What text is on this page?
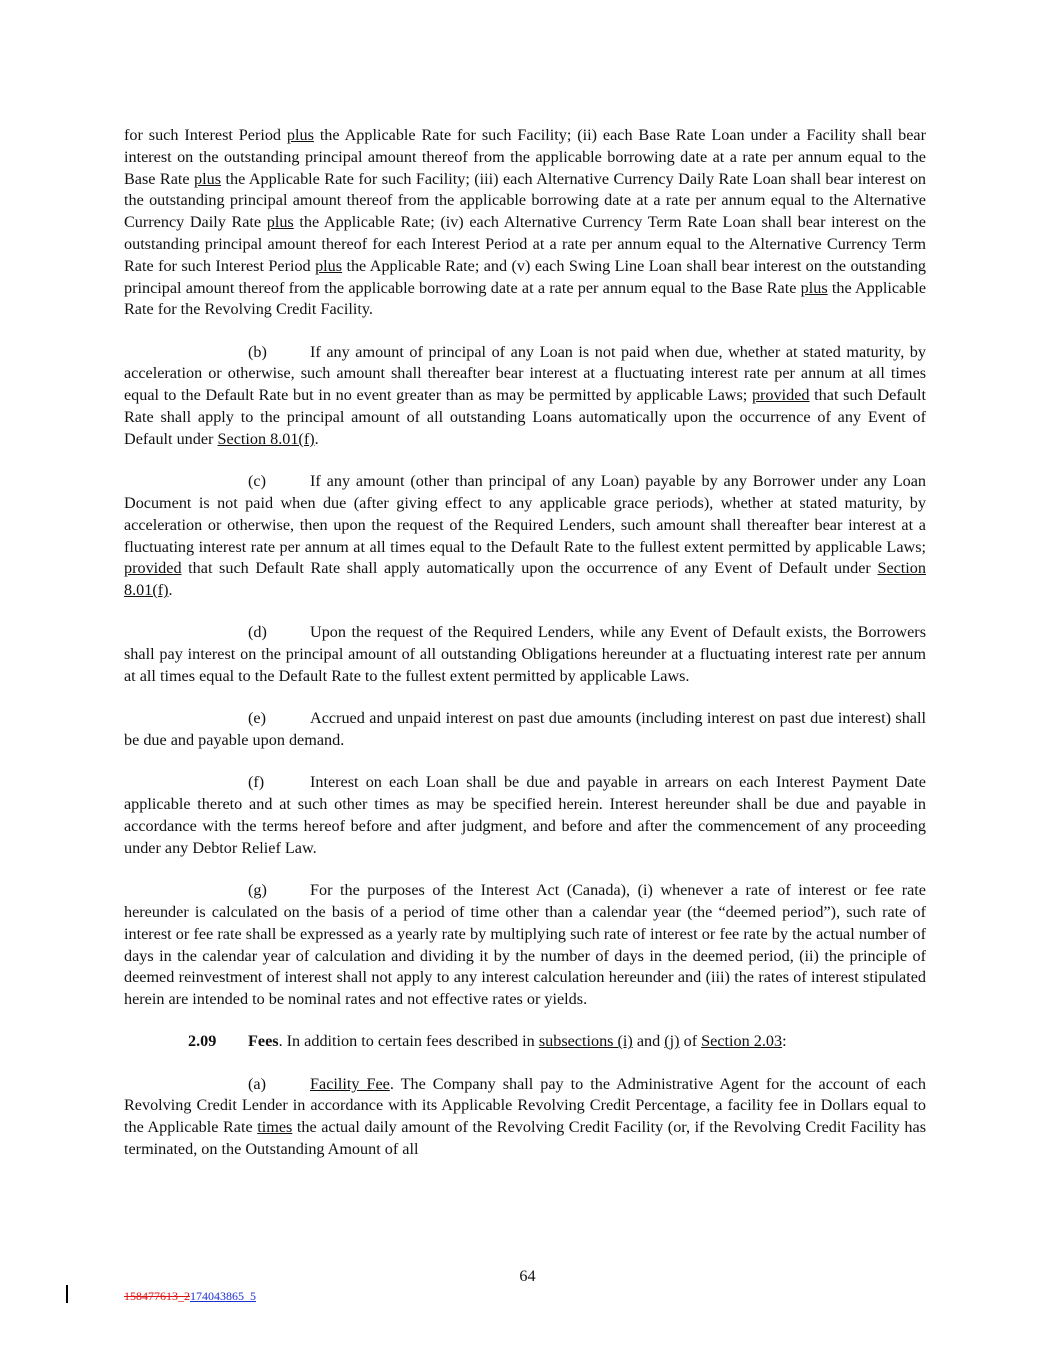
for such Interest Period plus the Applicable Rate for such Facility; (ii) each Base Rate Loan under a Facility shall bear interest on the outstanding principal amount thereof from the applicable borrowing date at a rate per annum equal to the Base Rate plus the Applicable Rate for such Facility; (iii) each Alternative Currency Daily Rate Loan shall bear interest on the outstanding principal amount thereof from the applicable borrowing date at a rate per annum equal to the Alternative Currency Daily Rate plus the Applicable Rate; (iv) each Alternative Currency Term Rate Loan shall bear interest on the outstanding principal amount thereof for each Interest Period at a rate per annum equal to the Alternative Currency Term Rate for such Interest Period plus the Applicable Rate; and (v) each Swing Line Loan shall bear interest on the outstanding principal amount thereof from the applicable borrowing date at a rate per annum equal to the Base Rate plus the Applicable Rate for the Revolving Credit Facility.

(b)	If any amount of principal of any Loan is not paid when due, whether at stated maturity, by acceleration or otherwise, such amount shall thereafter bear interest at a fluctuating interest rate per annum at all times equal to the Default Rate but in no event greater than as may be permitted by applicable Laws; provided that such Default Rate shall apply to the principal amount of all outstanding Loans automatically upon the occurrence of any Event of Default under Section 8.01(f).

(c)	If any amount (other than principal of any Loan) payable by any Borrower under any Loan Document is not paid when due (after giving effect to any applicable grace periods), whether at stated maturity, by acceleration or otherwise, then upon the request of the Required Lenders, such amount shall thereafter bear interest at a fluctuating interest rate per annum at all times equal to the Default Rate to the fullest extent permitted by applicable Laws; provided that such Default Rate shall apply automatically upon the occurrence of any Event of Default under Section 8.01(f).

(d)	Upon the request of the Required Lenders, while any Event of Default exists, the Borrowers shall pay interest on the principal amount of all outstanding Obligations hereunder at a fluctuating interest rate per annum at all times equal to the Default Rate to the fullest extent permitted by applicable Laws.

(e)	Accrued and unpaid interest on past due amounts (including interest on past due interest) shall be due and payable upon demand.

(f)	Interest on each Loan shall be due and payable in arrears on each Interest Payment Date applicable thereto and at such other times as may be specified herein. Interest hereunder shall be due and payable in accordance with the terms hereof before and after judgment, and before and after the commencement of any proceeding under any Debtor Relief Law.

(g)	For the purposes of the Interest Act (Canada), (i) whenever a rate of interest or fee rate hereunder is calculated on the basis of a period of time other than a calendar year (the “deemed period”), such rate of interest or fee rate shall be expressed as a yearly rate by multiplying such rate of interest or fee rate by the actual number of days in the calendar year of calculation and dividing it by the number of days in the deemed period, (ii) the principle of deemed reinvestment of interest shall not apply to any interest calculation hereunder and (iii) the rates of interest stipulated herein are intended to be nominal rates and not effective rates or yields.

2.09 Fees. In addition to certain fees described in subsections (i) and (j) of Section 2.03:

(a)	Facility Fee. The Company shall pay to the Administrative Agent for the account of each Revolving Credit Lender in accordance with its Applicable Revolving Credit Percentage, a facility fee in Dollars equal to the Applicable Rate times the actual daily amount of the Revolving Credit Facility (or, if the Revolving Credit Facility has terminated, on the Outstanding Amount of all

64
158477613_2174043865_5
